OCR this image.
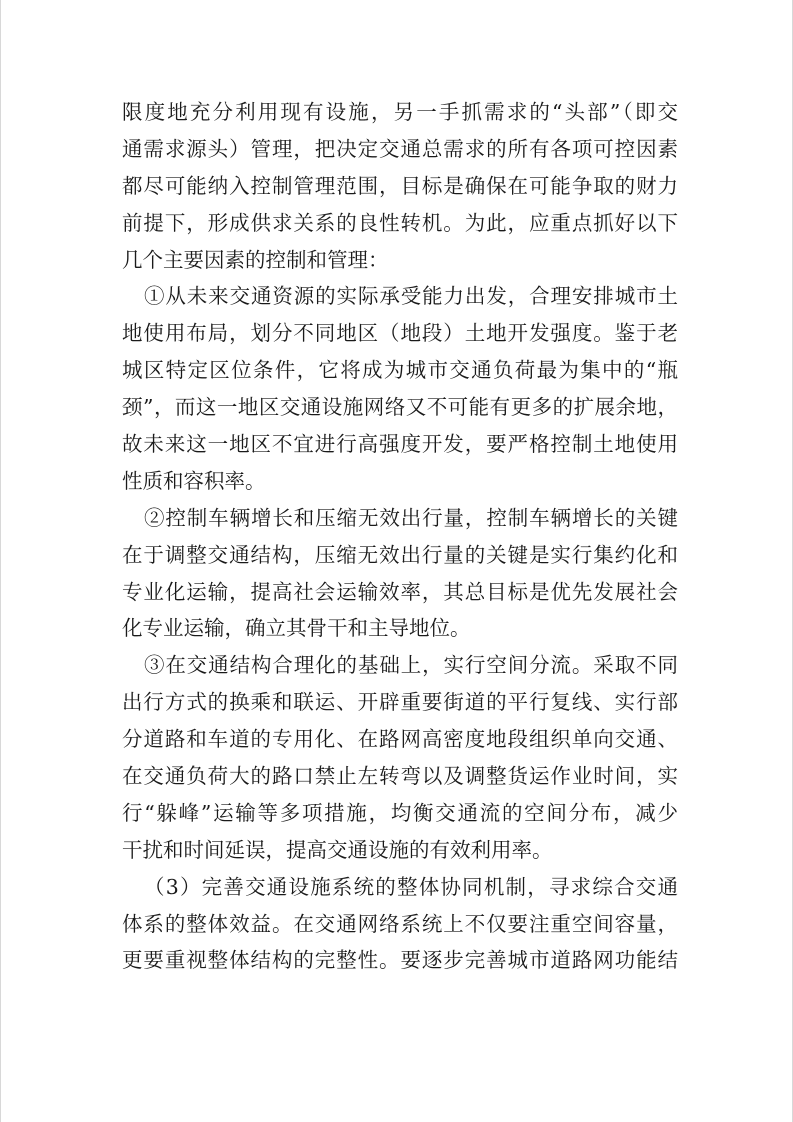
限度地充分利用现有设施，另一手抓需求的“头部”（即交
通需求源头）管理，把决定交通总需求的所有各项可控因素
都尽可能纳入控制管理范围，目标是确保在可能争取的财力
前提下，形成供求关系的良性转机。为此，应重点抓好以下
几个主要因素的控制和管理：
①从未来交通资源的实际承受能力出发，合理安排城市土
地使用布局，划分不同地区（地段）土地开发强度。鉴于老
城区特定区位条件，它将成为城市交通负荷最为集中的“瓶
颈”，而这一地区交通设施网络又不可能有更多的扩展余地，
故未来这一地区不宜进行高强度开发，要严格控制土地使用
性质和容积率。
②控制车辆增长和压缩无效出行量，控制车辆增长的关键
在于调整交通结构，压缩无效出行量的关键是实行集约化和
专业化运输，提高社会运输效率，其总目标是优先发展社会
化专业运输，确立其骨干和主导地位。
③在交通结构合理化的基础上，实行空间分流。采取不同
出行方式的换乘和联运、开辟重要街道的平行复线、实行部
分道路和车道的专用化、在路网高密度地段组织单向交通、
在交通负荷大的路口禁止左转弯以及调整货运作业时间，实
行“躲峰”运输等多项措施，均衡交通流的空间分布，减少
干扰和时间延误，提高交通设施的有效利用率。
（3）完善交通设施系统的整体协同机制，寻求综合交通
体系的整体效益。在交通网络系统上不仅要注重空间容量，
更要重视整体结构的完整性。要逐步完善城市道路网功能结
